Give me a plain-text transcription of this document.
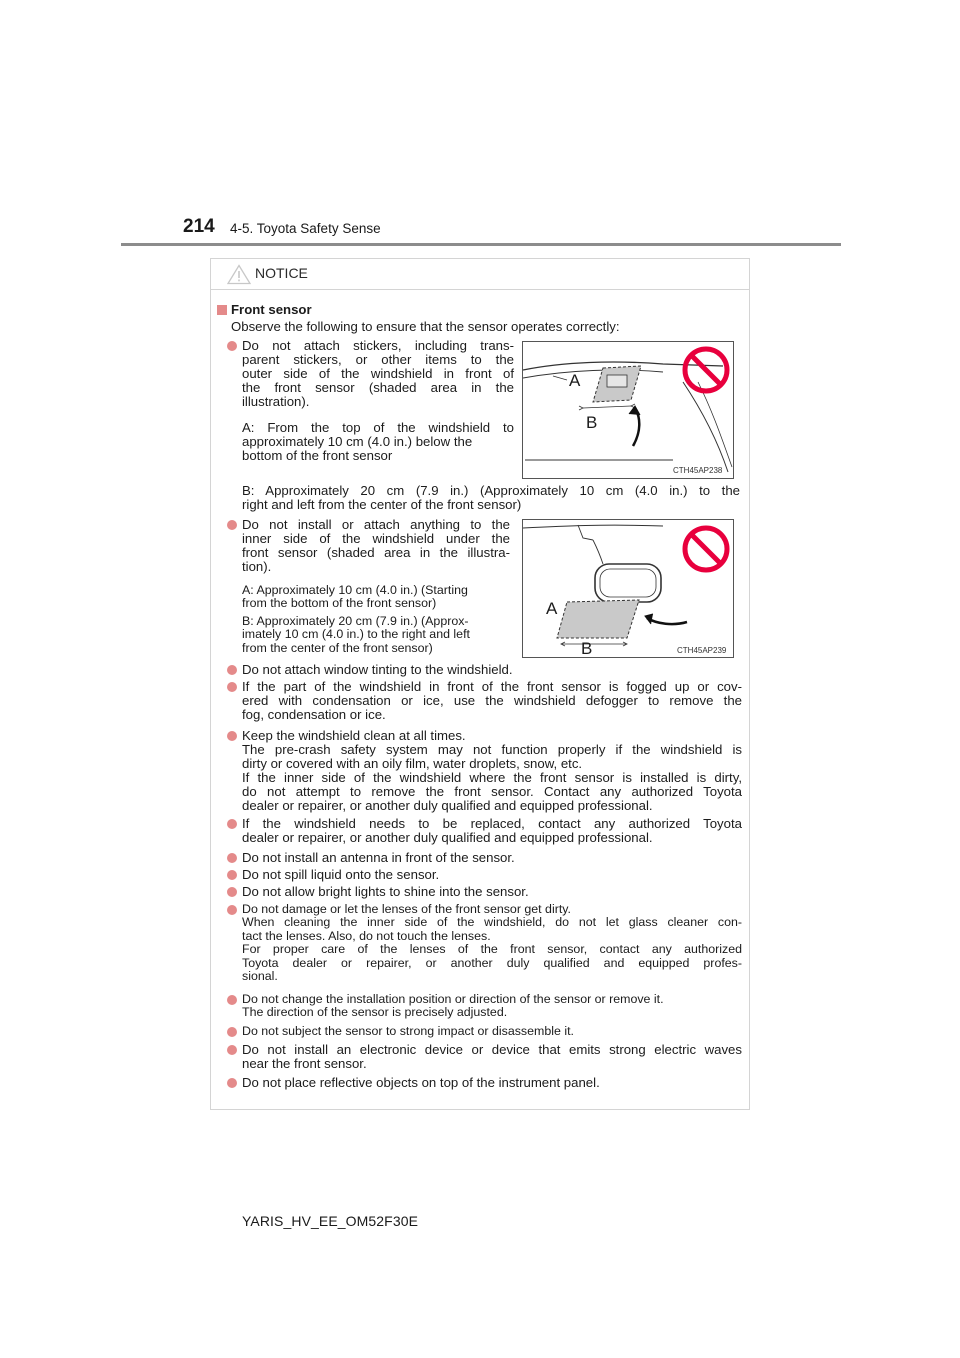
214 4-5. Toyota Safety Sense
NOTICE
Front sensor
Observe the following to ensure that the sensor operates correctly:
Do not attach stickers, including trans-
parent stickers, or other items to the
outer side of the windshield in front of
the front sensor (shaded area in the
illustration).
A: From the top of the windshield to
approximately 10 cm (4.0 in.) below the
bottom of the front sensor
B: Approximately 20 cm (7.9 in.) (Approximately 10 cm (4.0 in.) to the
right and left from the center of the front sensor)
A
B
CTH45AP238
Do not install or attach anything to the
inner side of the windshield under the
front sensor (shaded area in the illustra-
tion).
A: Approximately 10 cm (4.0 in.) (Starting
from the bottom of the front sensor)
B: Approximately 20 cm (7.9 in.) (Approx-
imately 10 cm (4.0 in.) to the right and left
from the center of the front sensor)
A
B	CTH45AP239
Do not attach window tinting to the windshield.
If the part of the windshield in front of the front sensor is fogged up or cov-
ered with condensation or ice, use the windshield defogger to remove the
fog, condensation or ice.
Keep the windshield clean at all times.
The pre-crash safety system may not function properly if the windshield is
dirty or covered with an oily film, water droplets, snow, etc.
If the inner side of the windshield where the front sensor is installed is dirty,
do not attempt to remove the front sensor. Contact any authorized Toyota
dealer or repairer, or another duly qualified and equipped professional.
If the windshield needs to be replaced, contact any authorized Toyota
dealer or repairer, or another duly qualified and equipped professional.
Do not install an antenna in front of the sensor.
Do not spill liquid onto the sensor.
Do not allow bright lights to shine into the sensor.
Do not damage or let the lenses of the front sensor get dirty.
When cleaning the inner side of the windshield, do not let glass cleaner con-
tact the lenses. Also, do not touch the lenses.
For proper care of the lenses of the front sensor, contact any authorized
Toyota dealer or repairer, or another duly qualified and equipped profes-
sional.
Do not change the installation position or direction of the sensor or remove it.
The direction of the sensor is precisely adjusted.
Do not subject the sensor to strong impact or disassemble it.
Do not install an electronic device or device that emits strong electric waves
near the front sensor.
Do not place reflective objects on top of the instrument panel.
YARIS_HV_EE_OM52F30E
